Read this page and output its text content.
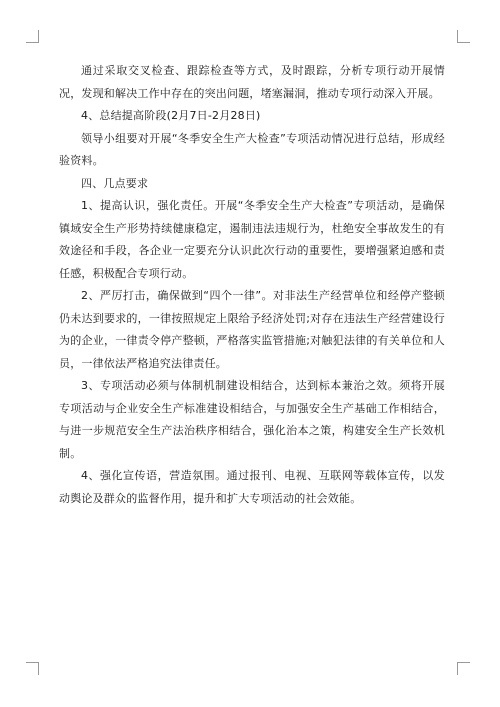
通过采取交叉检查、跟踪检查等方式，及时跟踪，分析专项行动开展情况，发现和解决工作中存在的突出问题，堵塞漏洞，推动专项行动深入开展。

4、总结提高阶段(2月7日-2月28日)

领导小组要对开展“冬季安全生产大检查”专项活动情况进行总结，形成经验资料。

四、几点要求

1、提高认识，强化责任。开展“冬季安全生产大检查”专项活动，是确保镇域安全生产形势持续健康稳定，遏制违法违规行为，杜绝安全事故发生的有效途径和手段，各企业一定要充分认识此次行动的重要性，要增强紧迫感和责任感，积极配合专项行动。

2、严厉打击，确保做到“四个一律”。对非法生产经营单位和经停产整顿仍未达到要求的，一律按照规定上限给予经济处罚;对存在违法生产经营建设行为的企业，一律责令停产整顿，严格落实监管措施;对触犯法律的有关单位和人员，一律依法严格追究法律责任。

3、专项活动必须与体制机制建设相结合，达到标本兼治之效。须将开展专项活动与企业安全生产标准建设相结合，与加强安全生产基础工作相结合，与进一步规范安全生产法治秩序相结合，强化治本之策，构建安全生产长效机制。

4、强化宣传语，营造氛围。通过报刊、电视、互联网等载体宣传，以发动舆论及群众的监督作用，提升和扩大专项活动的社会效能。
